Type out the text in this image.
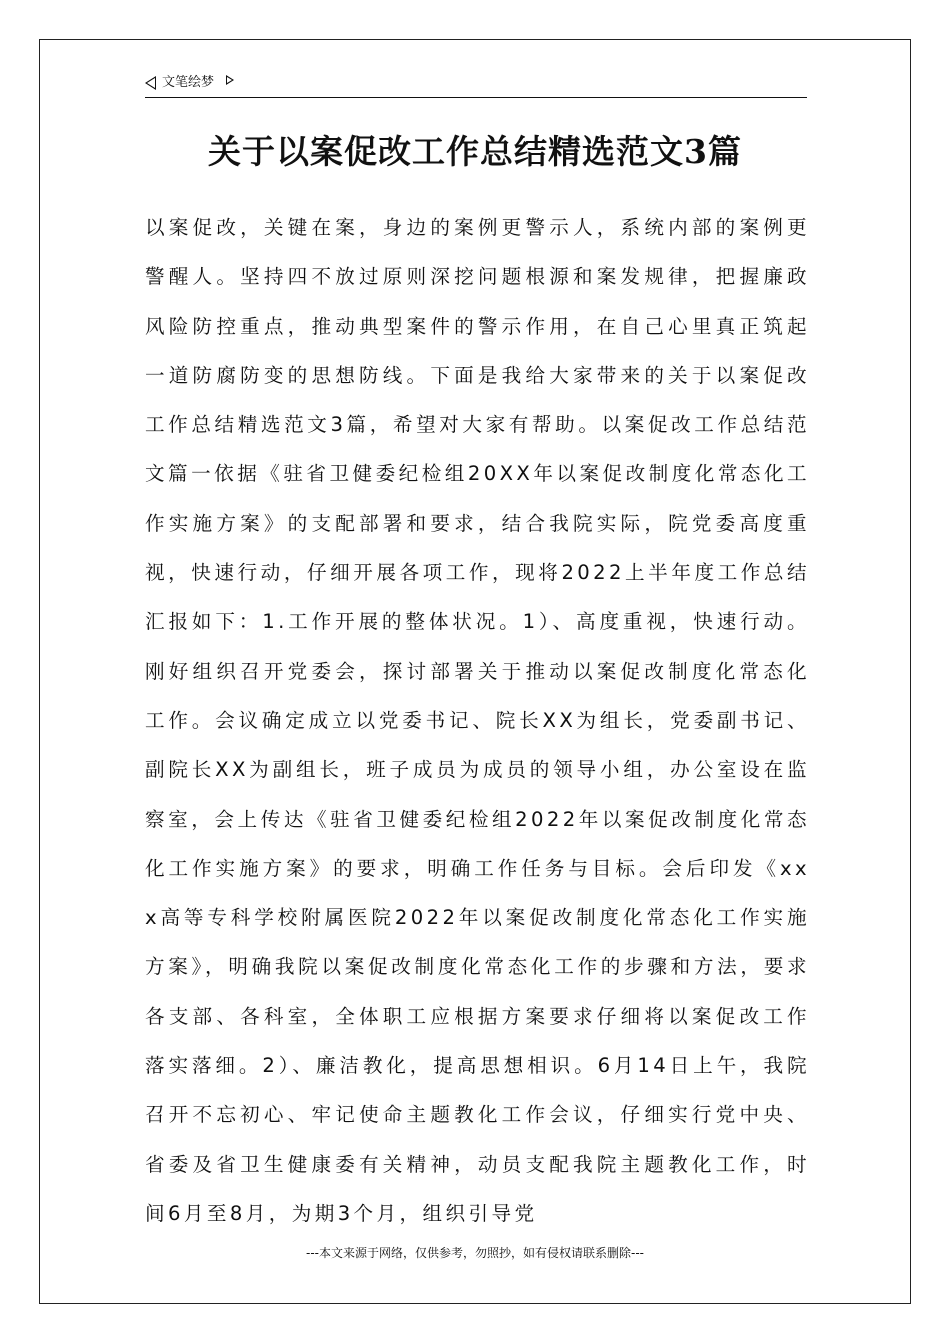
文笔绘梦
关于以案促改工作总结精选范文3篇

以案促改，关键在案，身边的案例更警示人，系统内部的案例更警醒人。坚持四不放过原则深挖问题根源和案发规律，把握廉政风险防控重点，推动典型案件的警示作用，在自己心里真正筑起一道防腐防变的思想防线。下面是我给大家带来的关于以案促改工作总结精选范文3篇，希望对大家有帮助。以案促改工作总结范文篇一依据《驻省卫健委纪检组20XX年以案促改制度化常态化工作实施方案》的支配部署和要求，结合我院实际，院党委高度重视，快速行动，仔细开展各项工作，现将2022上半年度工作总结汇报如下：1.工作开展的整体状况。1）、高度重视，快速行动。刚好组织召开党委会，探讨部署关于推动以案促改制度化常态化工作。会议确定成立以党委书记、院长XX为组长，党委副书记、副院长XX为副组长，班子成员为成员的领导小组，办公室设在监察室，会上传达《驻省卫健委纪检组2022年以案促改制度化常态化工作实施方案》的要求，明确工作任务与目标。会后印发《xxx高等专科学校附属医院2022年以案促改制度化常态化工作实施方案》，明确我院以案促改制度化常态化工作的步骤和方法，要求各支部、各科室，全体职工应根据方案要求仔细将以案促改工作落实落细。2）、廉洁教化，提高思想相识。6月14日上午，我院召开不忘初心、牢记使命主题教化工作会议，仔细实行党中央、省委及省卫生健康委有关精神，动员支配我院主题教化工作，时间6月至8月，为期3个月，组织引导党

---本文来源于网络，仅供参考，勿照抄，如有侵权请联系删除---
